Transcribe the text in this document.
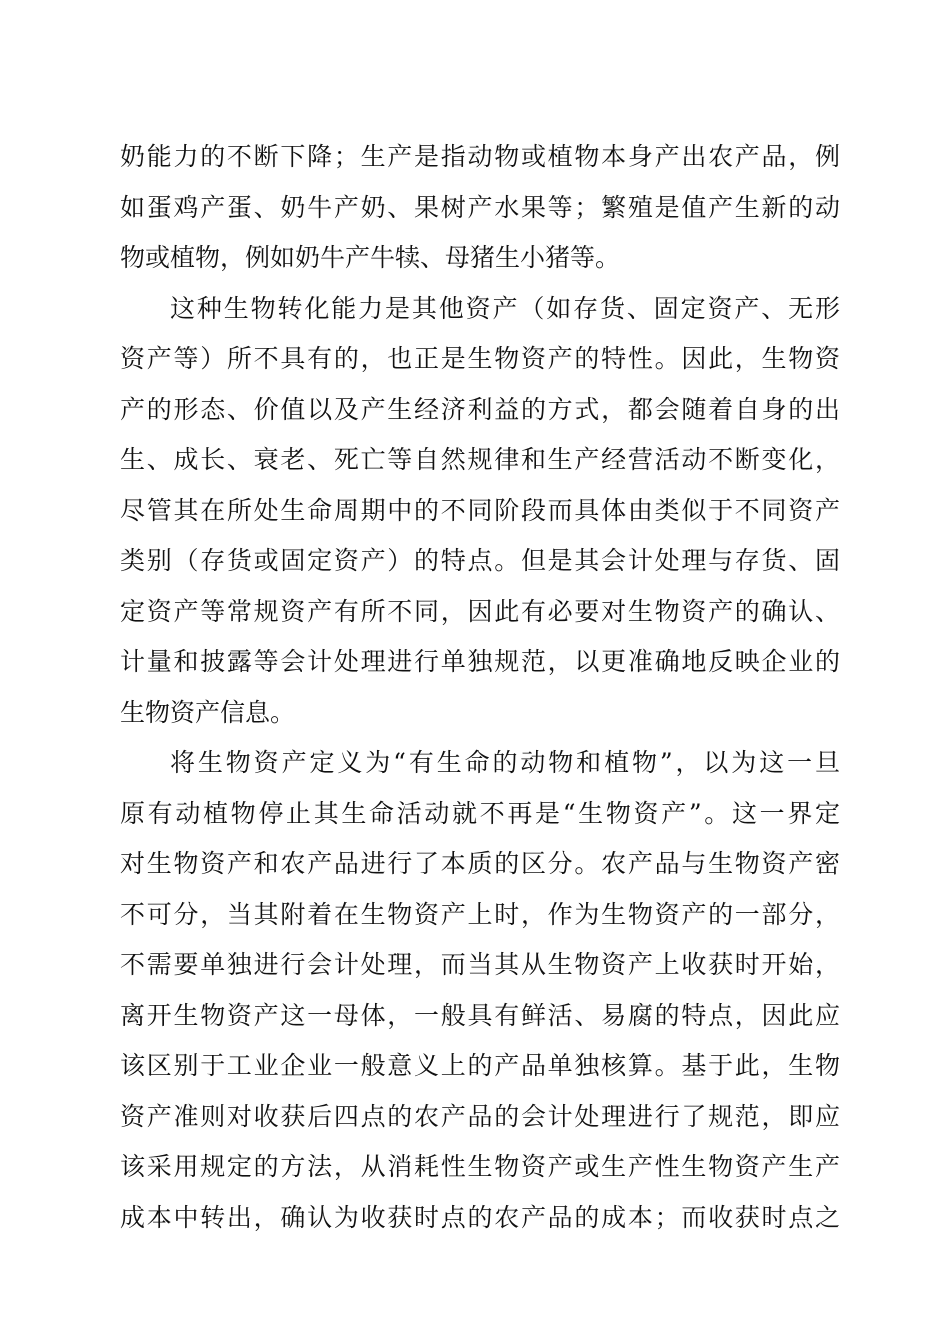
奶能力的不断下降；生产是指动物或植物本身产出农产品，例
如蛋鸡产蛋、奶牛产奶、果树产水果等；繁殖是值产生新的动
物或植物，例如奶牛产牛犊、母猪生小猪等。
这种生物转化能力是其他资产（如存货、固定资产、无形
资产等）所不具有的，也正是生物资产的特性。因此，生物资
产的形态、价值以及产生经济利益的方式，都会随着自身的出
生、成长、衰老、死亡等自然规律和生产经营活动不断变化，
尽管其在所处生命周期中的不同阶段而具体由类似于不同资产
类别（存货或固定资产）的特点。但是其会计处理与存货、固
定资产等常规资产有所不同，因此有必要对生物资产的确认、
计量和披露等会计处理进行单独规范，以更准确地反映企业的
生物资产信息。
将生物资产定义为“有生命的动物和植物”，以为这一旦
原有动植物停止其生命活动就不再是“生物资产”。这一界定
对生物资产和农产品进行了本质的区分。农产品与生物资产密
不可分，当其附着在生物资产上时，作为生物资产的一部分，
不需要单独进行会计处理，而当其从生物资产上收获时开始，
离开生物资产这一母体，一般具有鲜活、易腐的特点，因此应
该区别于工业企业一般意义上的产品单独核算。基于此，生物
资产准则对收获后四点的农产品的会计处理进行了规范，即应
该采用规定的方法，从消耗性生物资产或生产性生物资产生产
成本中转出，确认为收获时点的农产品的成本；而收获时点之
